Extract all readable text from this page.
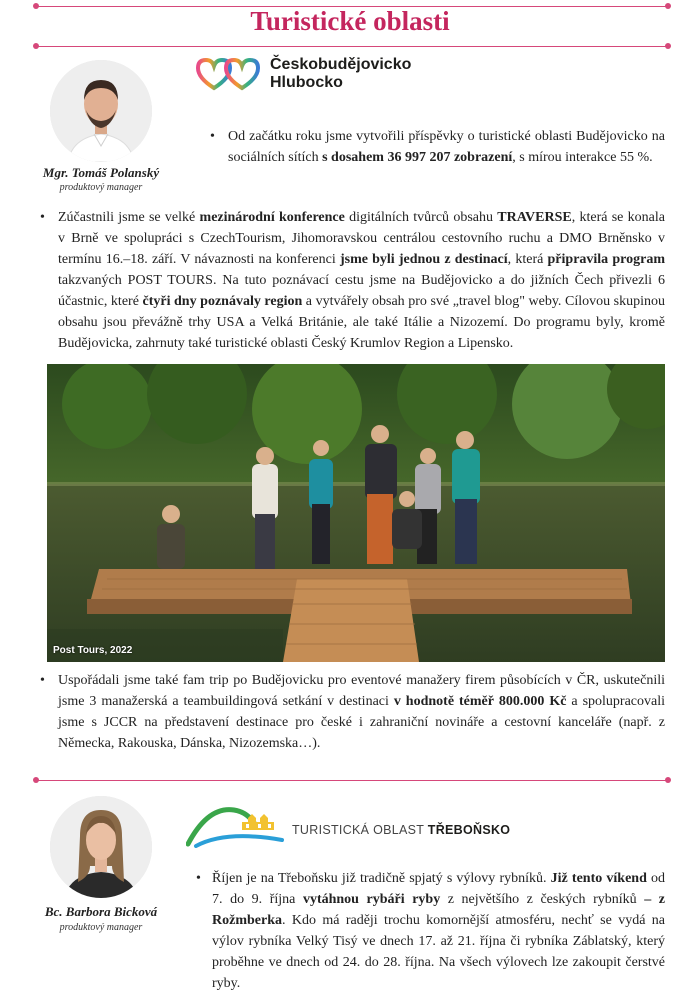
Turistické oblasti
Mgr. Tomáš Polanský
produktový manager
Českobudějovicko
Hlubocko
• Od začátku roku jsme vytvořili příspěvky o turistické oblasti Budějovicko na sociálních sítích s dosahem 36 997 207 zobrazení, s mírou interakce 55 %.
• Zúčastnili jsme se velké mezinárodní konference digitálních tvůrců obsahu TRAVERSE, která se konala v Brně ve spolupráci s CzechTourism, Jihomoravskou centrálou cestovního ruchu a DMO Brněnsko v termínu 16.–18. září. V návaznosti na konferenci jsme byli jednou z destinací, která připravila program takzvaných POST TOURS. Na tuto poznávací cestu jsme na Budějovicko a do jižních Čech přivezli 6 účastnic, které čtyři dny poznávaly region a vytvářely obsah pro své „travel blog" weby. Cílovou skupinou obsahu jsou převážně trhy USA a Velká Británie, ale také Itálie a Nizozemí. Do programu byly, kromě Budějovicka, zahrnuty také turistické oblasti Český Krumlov Region a Lipensko.
Post Tours, 2022
• Uspořádali jsme také fam trip po Budějovicku pro eventové manažery firem působících v ČR, uskutečnili jsme 3 manažerská a teambuildingová setkání v destinaci v hodnotě téměř 800.000 Kč a spolupracovali jsme s JCCR na představení destinace pro české i zahraniční novináře a cestovní kanceláře (např. z Německa, Rakouska, Dánska, Nizozemska…).
Bc. Barbora Bicková
produktový manager
TURISTICKÁ OBLAST TŘEBOŇSKO
• Říjen je na Třeboňsku již tradičně spjatý s výlovy rybníků. Již tento víkend od 7. do 9. října vytáhnou rybáři ryby z největšího z českých rybníků – z Rožmberka. Kdo má raději trochu komornější atmosféru, nechť se vydá na výlov rybníka Velký Tisý ve dnech 17. až 21. října či rybníka Záblatský, který proběhne ve dnech od 24. do 28. října. Na všech výlovech lze zakoupit čerstvé ryby.
